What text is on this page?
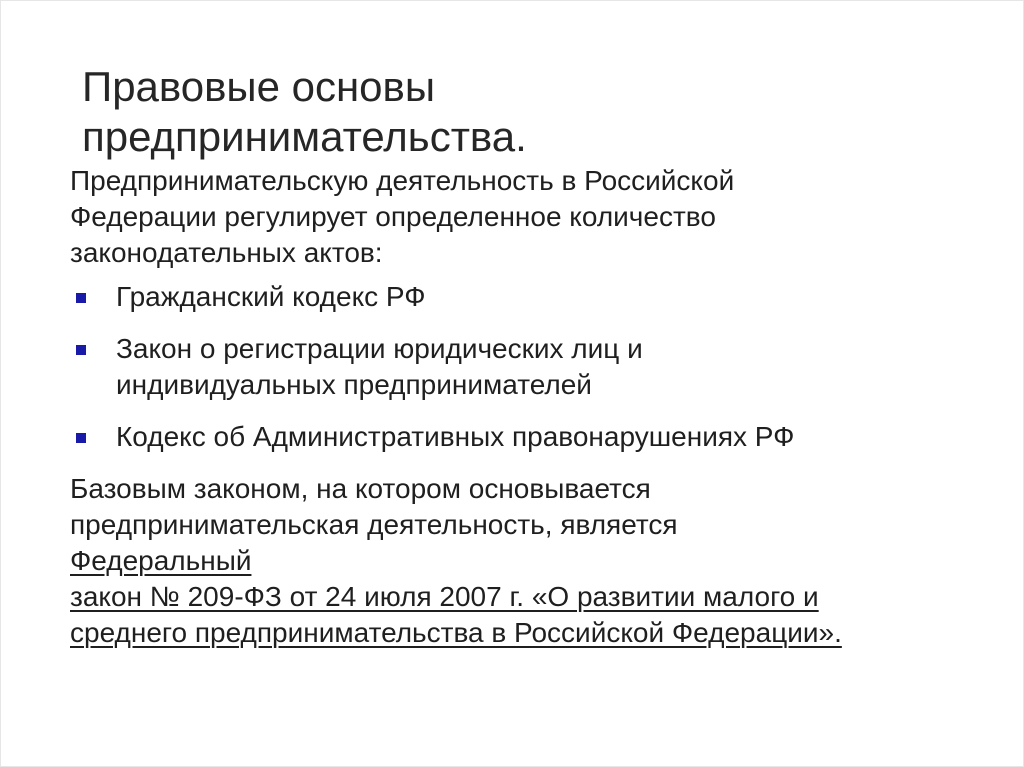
Правовые основы
предпринимательства.

Предпринимательскую деятельность в Российской
Федерации регулирует определенное количество
законодательных актов:

Гражданский кодекс РФ
Закон о регистрации юридических лиц и
индивидуальных предпринимателей
Кодекс об Административных правонарушениях РФ

Базовым законом, на котором основывается
предпринимательская деятельность, является
Федеральный
закон № 209-ФЗ от 24 июля 2007 г. «О развитии малого и
среднего предпринимательства в Российской Федерации».
